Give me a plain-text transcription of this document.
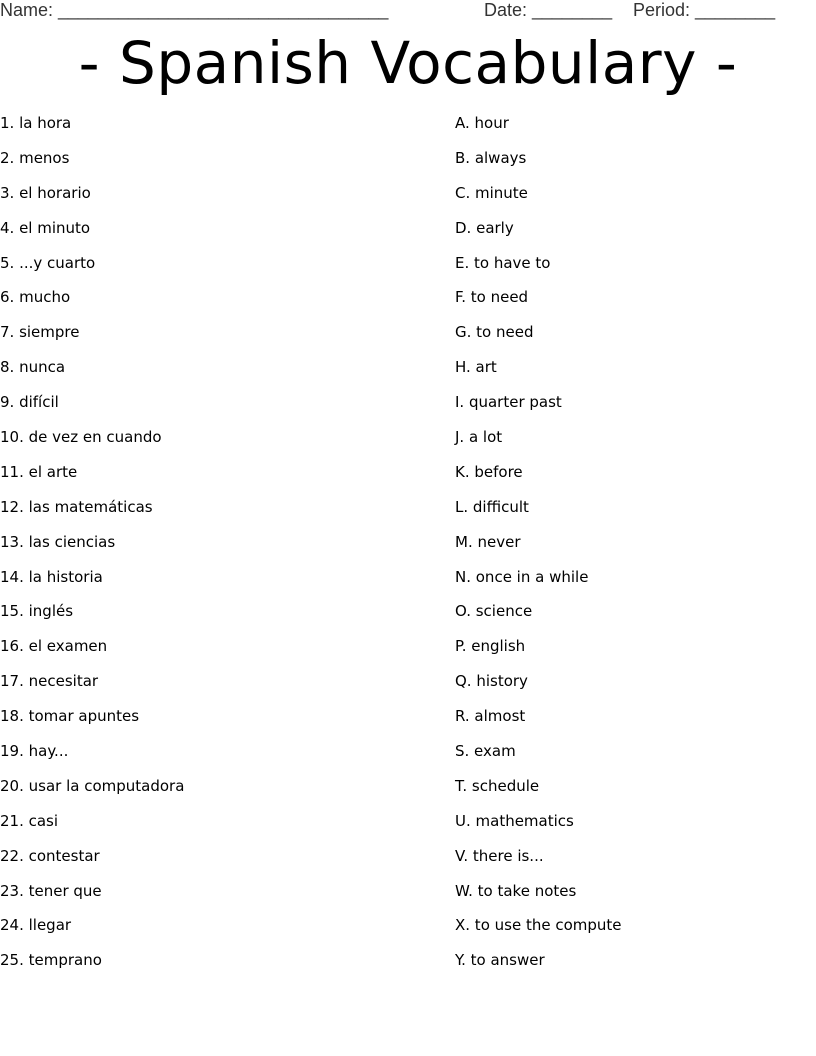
Name: _________________________________	Date: ________ Period: ________
- Spanish Vocabulary -
1. la hora
2. menos
3. el horario
4. el minuto
5. ...y cuarto
6. mucho
7. siempre
8. nunca
9. difícil
10. de vez en cuando
11. el arte
12. las matemáticas
13. las ciencias
14. la historia
15. inglés
16. el examen
17. necesitar
18. tomar apuntes
19. hay...
20. usar la computadora
21. casi
22. contestar
23. tener que
24. llegar
25. temprano
A. hour
B. always
C. minute
D. early
E. to have to
F. to need
G. to need
H. art
I. quarter past
J. a lot
K. before
L. difficult
M. never
N. once in a while
O. science
P. english
Q. history
R. almost
S. exam
T. schedule
U. mathematics
V. there is...
W. to take notes
X. to use the compute
Y. to answer
